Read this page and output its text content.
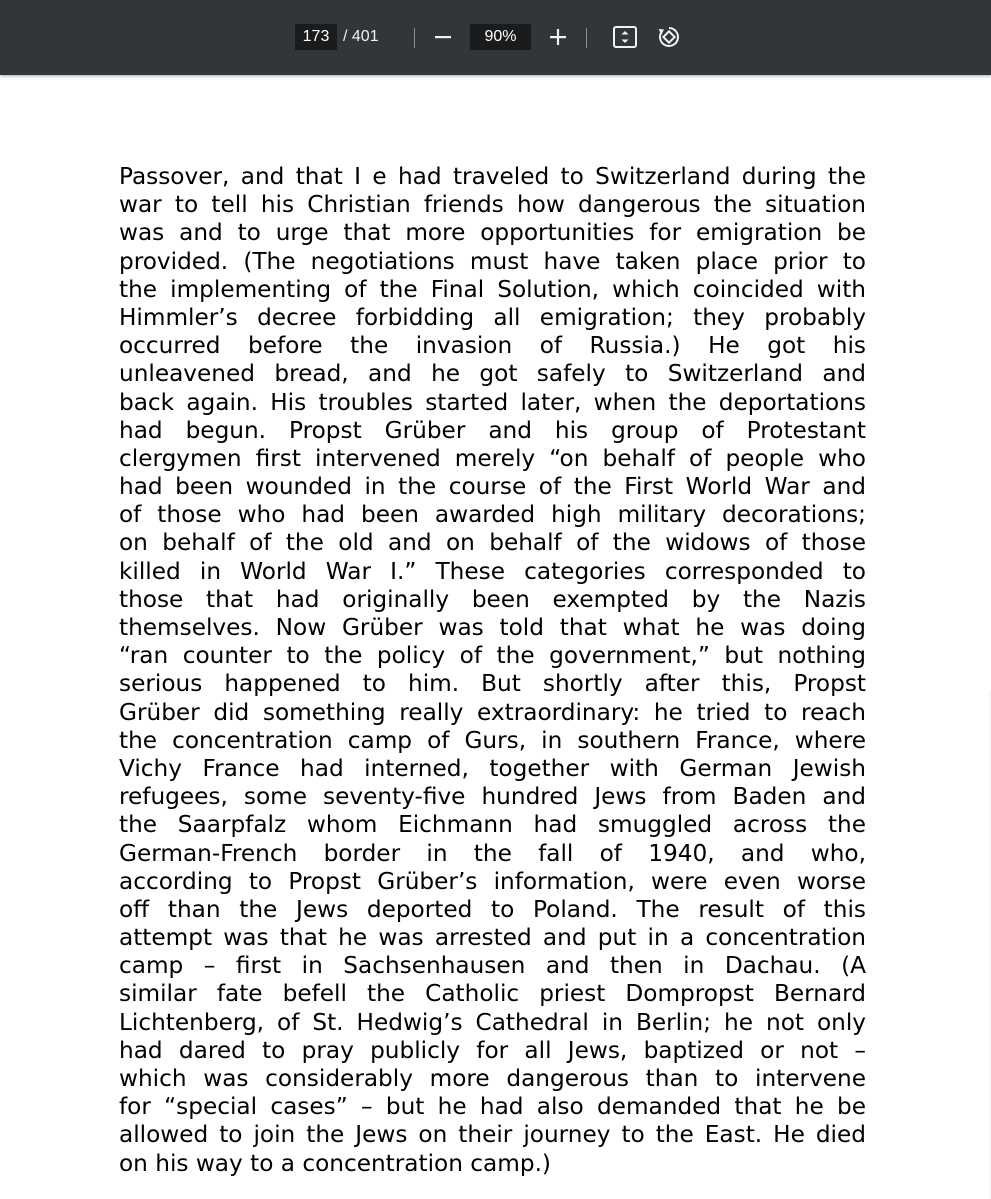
173
/ 401	90%
Passover, and that I e had traveled to Switzerland during the
war to tell his Christian friends how dangerous the situation
was and to urge that more opportunities for emigration be
provided. (The negotiations must have taken place prior to
the implementing of the Final Solution, which coincided with
Himmler’s decree forbidding all emigration; they probably
occurred before the invasion of Russia.) He got his
unleavened bread, and he got safely to Switzerland and
back again. His troubles started later, when the deportations
had begun. Propst Grüber and his group of Protestant
clergymen first intervened merely “on behalf of people who
had been wounded in the course of the First World War and
of those who had been awarded high military decorations;
on behalf of the old and on behalf of the widows of those
killed in World War I.” These categories corresponded to
those that had originally been exempted by the Nazis
themselves. Now Grüber was told that what he was doing
“ran counter to the policy of the government,” but nothing
serious happened to him. But shortly after this, Propst
Grüber did something really extraordinary: he tried to reach
the concentration camp of Gurs, in southern France, where
Vichy France had interned, together with German Jewish
refugees, some seventy-five hundred Jews from Baden and
the Saarpfalz whom Eichmann had smuggled across the
German-French border in the fall of 1940, and who,
according to Propst Grüber’s information, were even worse
off than the Jews deported to Poland. The result of this
attempt was that he was arrested and put in a concentration
camp – first in Sachsenhausen and then in Dachau. (A
similar fate befell the Catholic priest Dompropst Bernard
Lichtenberg, of St. Hedwig’s Cathedral in Berlin; he not only
had dared to pray publicly for all Jews, baptized or not –
which was considerably more dangerous than to intervene
for “special cases” – but he had also demanded that he be
allowed to join the Jews on their journey to the East. He died
on his way to a concentration camp.)
